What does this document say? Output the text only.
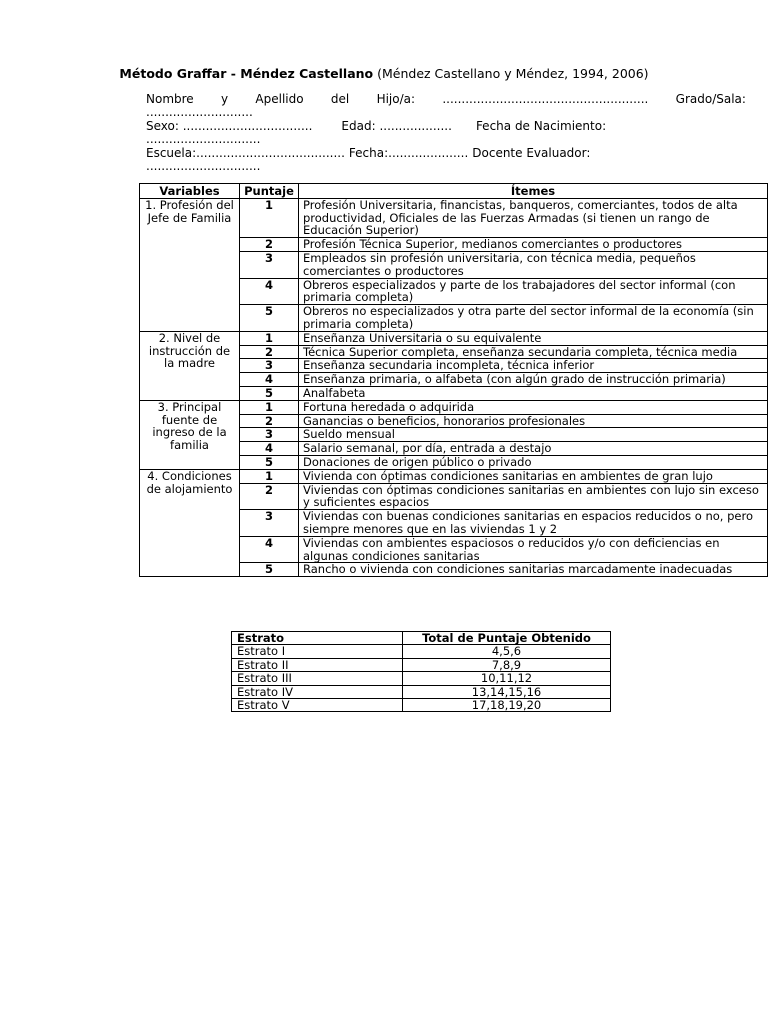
Método Graffar - Méndez Castellano (Méndez Castellano y Méndez, 1994, 2006)
Nombre y Apellido del Hijo/a: ...................................................... Grado/Sala:
............................
Sexo: .................................. Edad: ................... Fecha de Nacimiento:
..............................
Escuela:....................................... Fecha:..................... Docente Evaluador:
..............................
Variables	Puntaje	Ítemes
1. Profesión del Jefe de Familia	1	Profesión Universitaria, financistas, banqueros, comerciantes, todos de alta productividad, Oficiales de las Fuerzas Armadas (si tienen un rango de Educación Superior)
	2	Profesión Técnica Superior, medianos comerciantes o productores
	3	Empleados sin profesión universitaria, con técnica media, pequeños comerciantes o productores
	4	Obreros especializados y parte de los trabajadores del sector informal (con primaria completa)
	5	Obreros no especializados y otra parte del sector informal de la economía (sin primaria completa)
2. Nivel de instrucción de la madre	1	Enseñanza Universitaria o su equivalente
	2	Técnica Superior completa, enseñanza secundaria completa, técnica media
	3	Enseñanza secundaria incompleta, técnica inferior
	4	Enseñanza primaria, o alfabeta (con algún grado de instrucción primaria)
	5	Analfabeta
3. Principal fuente de ingreso de la familia	1	Fortuna heredada o adquirida
	2	Ganancias o beneficios, honorarios profesionales
	3	Sueldo mensual
	4	Salario semanal, por día, entrada a destajo
	5	Donaciones de origen público o privado
4. Condiciones de alojamiento	1	Vivienda con óptimas condiciones sanitarias en ambientes de gran lujo
	2	Viviendas con óptimas condiciones sanitarias en ambientes con lujo sin exceso y suficientes espacios
	3	Viviendas con buenas condiciones sanitarias en espacios reducidos o no, pero siempre menores que en las viviendas 1 y 2
	4	Viviendas con ambientes espaciosos o reducidos y/o con deficiencias en algunas condiciones sanitarias
	5	Rancho o vivienda con condiciones sanitarias marcadamente inadecuadas
Estrato	Total de Puntaje Obtenido
Estrato I	4,5,6
Estrato II	7,8,9
Estrato III	10,11,12
Estrato IV	13,14,15,16
Estrato V	17,18,19,20
